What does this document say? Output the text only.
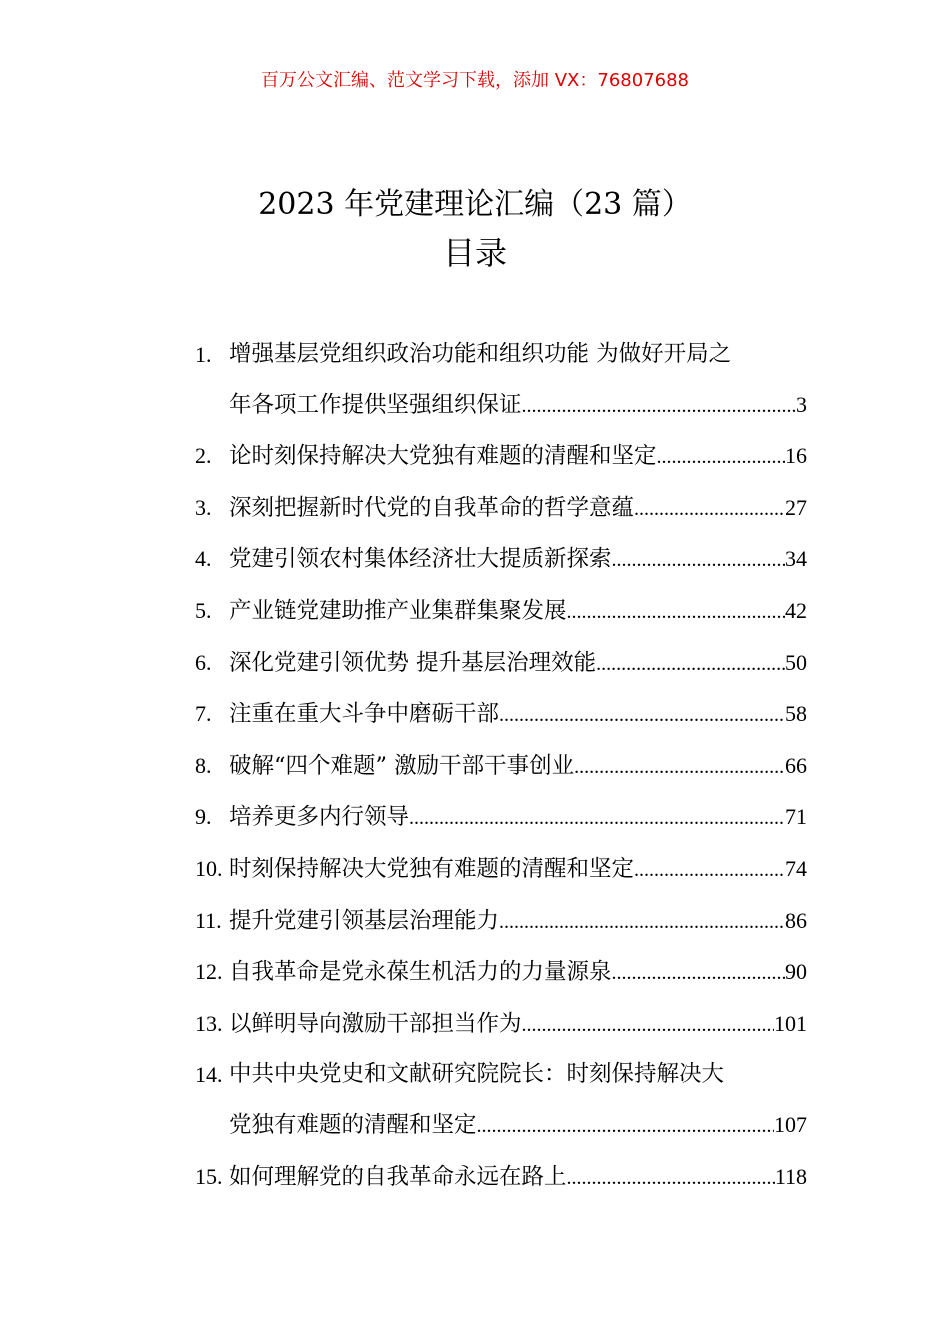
百万公文汇编、范文学习下载，添加 VX：76807688
2023 年党建理论汇编（23 篇）
目录
1. 增强基层党组织政治功能和组织功能 为做好开局之
年各项工作提供坚强组织保证 .....	3
2. 论时刻保持解决大党独有难题的清醒和坚定 .....	16
3. 深刻把握新时代党的自我革命的哲学意蕴 .....	27
4. 党建引领农村集体经济壮大提质新探索 .....	34
5. 产业链党建助推产业集群集聚发展 .....	42
6. 深化党建引领优势 提升基层治理效能 .....	50
7. 注重在重大斗争中磨砺干部 .....	58
8. 破解“四个难题” 激励干部干事创业 .....	66
9. 培养更多内行领导 .....	71
10. 时刻保持解决大党独有难题的清醒和坚定 .....	74
11. 提升党建引领基层治理能力 .....	86
12. 自我革命是党永葆生机活力的力量源泉 .....	90
13. 以鲜明导向激励干部担当作为 .....	101
14. 中共中央党史和文献研究院院长：时刻保持解决大
党独有难题的清醒和坚定 .....	107
15. 如何理解党的自我革命永远在路上 .....	118
